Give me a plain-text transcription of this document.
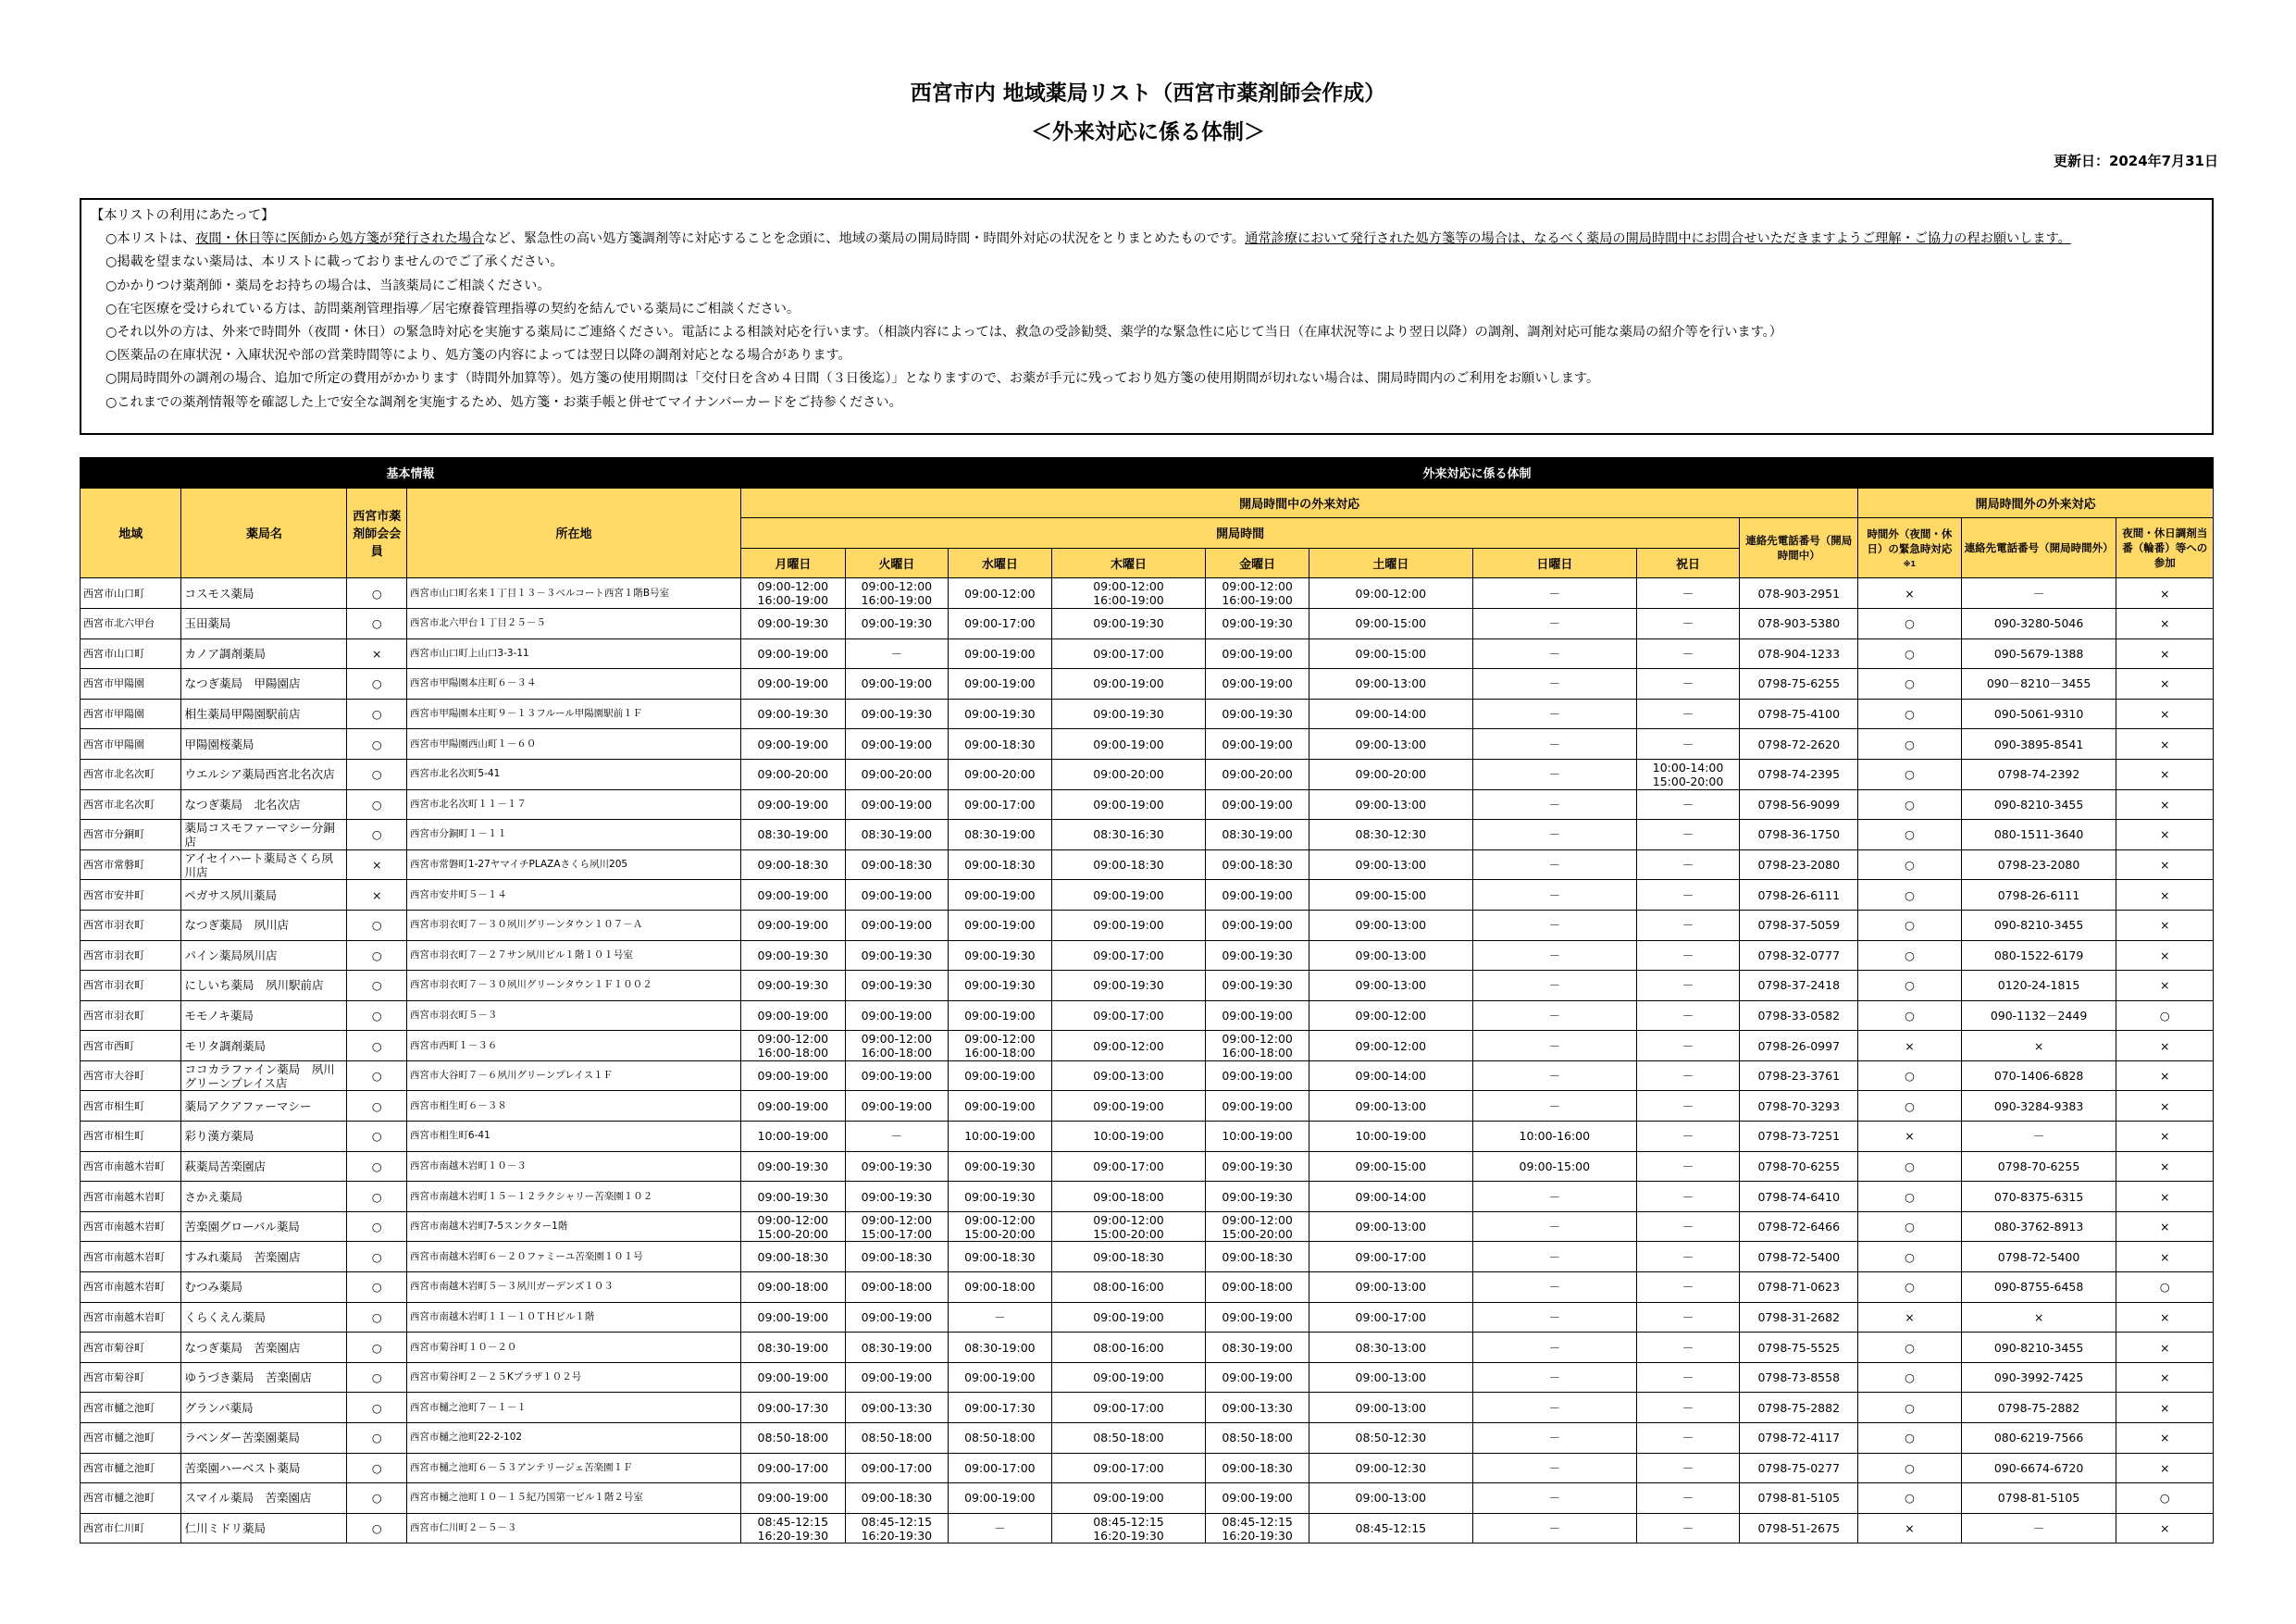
西宮市内 地域薬局リスト（西宮市薬剤師会作成）
＜外来対応に係る体制＞
更新日：2024年7月31日
【本リストの利用にあたって】
○本リストは、夜間・休日等に医師から処方箋が発行された場合など、緊急性の高い処方箋調剤等に対応することを念頭に、地域の薬局の開局時間・時間外対応の状況をとりまとめたものです。通常診療において発行された処方箋等の場合は、なるべく薬局の開局時間中にお問合せいただきますようご理解・ご協力の程お願いします。
○掲載を望まない薬局は、本リストに載っておりませんのでご了承ください。
○かかりつけ薬剤師・薬局をお持ちの場合は、当該薬局にご相談ください。
○在宅医療を受けられている方は、訪問薬剤管理指導／居宅療養管理指導の契約を結んでいる薬局にご相談ください。
○それ以外の方は、外来で時間外（夜間・休日）の緊急時対応を実施する薬局にご連絡ください。電話による相談対応を行います。（相談内容によっては、救急の受診勧奨、薬学的な緊急性に応じて当日（在庫状況等により翌日以降）の調剤、調剤対応可能な薬局の紹介等を行います。）
○医薬品の在庫状況・入庫状況や部の営業時間等により、処方箋の内容によっては翌日以降の調剤対応となる場合があります。
○開局時間外の調剤の場合、追加で所定の費用がかかります（時間外加算等）。処方箋の使用期間は「交付日を含め４日間（３日後迄）」となりますので、お薬が手元に残っており処方箋の使用期間が切れない場合は、開局時間内のご利用をお願いします。
○これまでの薬剤情報等を確認した上で安全な調剤を実施するため、処方箋・お薬手帳と併せてマイナンバーカードをご持参ください。
基本情報				外来対応に係る体制											
地域	薬局名	西宮市薬剤師会会員	所在地	開局時間中の外来対応									開局時間外の外来対応		
				開局時間								連絡先電話番号（開局時間中）	時間外（夜間・休日）の緊急時対応
※1	連絡先電話番号（開局時間外）	夜間・休日調剤当番（輪番）等への参加

				月曜日	火曜日	水曜日	木曜日	金曜日	土曜日	日曜日	祝日				
西宮市山口町	コスモス薬局	○	西宮市山口町名来１丁目１３－３ベルコート西宮１階B号室	09:00-12:00 16:00-19:00	09:00-12:00 16:00-19:00	09:00-12:00	09:00-12:00 16:00-19:00	09:00-12:00 16:00-19:00	09:00-12:00	－	－	078-903-2951	×	－	×
西宮市北六甲台	玉田薬局	○	西宮市北六甲台１丁目２５－５	09:00-19:30	09:00-19:30	09:00-17:00	09:00-19:30	09:00-19:30	09:00-15:00	－	－	078-903-5380	○	090-3280-5046	×
西宮市山口町	カノア調剤薬局	×	西宮市山口町上山口3-3-11	09:00-19:00	－	09:00-19:00	09:00-17:00	09:00-19:00	09:00-15:00	－	－	078-904-1233	○	090-5679-1388	×
西宮市甲陽園	なつぎ薬局　甲陽園店	○	西宮市甲陽園本庄町６－３４	09:00-19:00	09:00-19:00	09:00-19:00	09:00-19:00	09:00-19:00	09:00-13:00	－	－	0798-75-6255	○	090－8210－3455	×
西宮市甲陽園	相生薬局甲陽園駅前店	○	西宮市甲陽園本庄町９－１３フルール甲陽園駅前１Ｆ	09:00-19:30	09:00-19:30	09:00-19:30	09:00-19:30	09:00-19:30	09:00-14:00	－	－	0798-75-4100	○	090-5061-9310	×
西宮市甲陽園	甲陽園桜薬局	○	西宮市甲陽園西山町１－６０	09:00-19:00	09:00-19:00	09:00-18:30	09:00-19:00	09:00-19:00	09:00-13:00	－	－	0798-72-2620	○	090-3895-8541	×
西宮市北名次町	ウエルシア薬局西宮北名次店	○	西宮市北名次町5-41	09:00-20:00	09:00-20:00	09:00-20:00	09:00-20:00	09:00-20:00	09:00-20:00	－	10:00-14:00 15:00-20:00	0798-74-2395	○	0798-74-2392	×
西宮市北名次町	なつぎ薬局　北名次店	○	西宮市北名次町１１－１７	09:00-19:00	09:00-19:00	09:00-17:00	09:00-19:00	09:00-19:00	09:00-13:00	－	－	0798-56-9099	○	090-8210-3455	×
西宮市分銅町	薬局コスモファーマシー分銅店	○	西宮市分銅町１－１１	08:30-19:00	08:30-19:00	08:30-19:00	08:30-16:30	08:30-19:00	08:30-12:30	－	－	0798-36-1750	○	080-1511-3640	×
西宮市常磐町	アイセイハート薬局さくら夙川店	×	西宮市常磐町1-27ヤマイチPLAZAさくら夙川205	09:00-18:30	09:00-18:30	09:00-18:30	09:00-18:30	09:00-18:30	09:00-13:00	－	－	0798-23-2080	○	0798-23-2080	×
西宮市安井町	ペガサス夙川薬局	×	西宮市安井町５－１４	09:00-19:00	09:00-19:00	09:00-19:00	09:00-19:00	09:00-19:00	09:00-15:00	－	－	0798-26-6111	○	0798-26-6111	×
西宮市羽衣町	なつぎ薬局　夙川店	○	西宮市羽衣町７－３０夙川グリーンタウン１０７－Ａ	09:00-19:00	09:00-19:00	09:00-19:00	09:00-19:00	09:00-19:00	09:00-13:00	－	－	0798-37-5059	○	090-8210-3455	×
西宮市羽衣町	パイン薬局夙川店	○	西宮市羽衣町７－２７サン夙川ビル１階１０１号室	09:00-19:30	09:00-19:30	09:00-19:30	09:00-17:00	09:00-19:30	09:00-13:00	－	－	0798-32-0777	○	080-1522-6179	×
西宮市羽衣町	にしいち薬局　夙川駅前店	○	西宮市羽衣町７－３０夙川グリーンタウン１Ｆ１００２	09:00-19:30	09:00-19:30	09:00-19:30	09:00-19:30	09:00-19:30	09:00-13:00	－	－	0798-37-2418	○	0120-24-1815	×
西宮市羽衣町	モモノキ薬局	○	西宮市羽衣町５－３	09:00-19:00	09:00-19:00	09:00-19:00	09:00-17:00	09:00-19:00	09:00-12:00	－	－	0798-33-0582	○	090-1132－2449	○
西宮市西町	モリタ調剤薬局	○	西宮市西町１－３６	09:00-12:00 16:00-18:00	09:00-12:00 16:00-18:00	09:00-12:00 16:00-18:00	09:00-12:00	09:00-12:00 16:00-18:00	09:00-12:00	－	－	0798-26-0997	×	×	×
西宮市大谷町	ココカラファイン薬局　夙川グリーンプレイス店	○	西宮市大谷町７－６夙川グリーンプレイス１Ｆ	09:00-19:00	09:00-19:00	09:00-19:00	09:00-13:00	09:00-19:00	09:00-14:00	－	－	0798-23-3761	○	070-1406-6828	×
西宮市相生町	薬局アクアファーマシー	○	西宮市相生町６－３８	09:00-19:00	09:00-19:00	09:00-19:00	09:00-19:00	09:00-19:00	09:00-13:00	－	－	0798-70-3293	○	090-3284-9383	×
西宮市相生町	彩り漢方薬局	○	西宮市相生町6-41	10:00-19:00	－	10:00-19:00	10:00-19:00	10:00-19:00	10:00-19:00	10:00-16:00	－	0798-73-7251	×	－	×
西宮市南越木岩町	萩薬局苦楽園店	○	西宮市南越木岩町１０－３	09:00-19:30	09:00-19:30	09:00-19:30	09:00-17:00	09:00-19:30	09:00-15:00	09:00-15:00	－	0798-70-6255	○	0798-70-6255	×
西宮市南越木岩町	さかえ薬局	○	西宮市南越木岩町１５－１２ラクシャリー苦楽園１０２	09:00-19:30	09:00-19:30	09:00-19:30	09:00-18:00	09:00-19:30	09:00-14:00	－	－	0798-74-6410	○	070-8375-6315	×
西宮市南越木岩町	苦楽園グローバル薬局	○	西宮市南越木岩町7-5スンクター1階	09:00-12:00 15:00-20:00	09:00-12:00 15:00-17:00	09:00-12:00 15:00-20:00	09:00-12:00 15:00-20:00	09:00-12:00 15:00-20:00	09:00-13:00	－	－	0798-72-6466	○	080-3762-8913	×
西宮市南越木岩町	すみれ薬局　苦楽園店	○	西宮市南越木岩町６－２０ファミーユ苦楽園１０１号	09:00-18:30	09:00-18:30	09:00-18:30	09:00-18:30	09:00-18:30	09:00-17:00	－	－	0798-72-5400	○	0798-72-5400	×
西宮市南越木岩町	むつみ薬局	○	西宮市南越木岩町５－３夙川ガーデンズ１０３	09:00-18:00	09:00-18:00	09:00-18:00	08:00-16:00	09:00-18:00	09:00-13:00	－	－	0798-71-0623	○	090-8755-6458	○
西宮市南越木岩町	くらくえん薬局	○	西宮市南越木岩町１１－１０ＴＨビル１階	09:00-19:00	09:00-19:00	－	09:00-19:00	09:00-19:00	09:00-17:00	－	－	0798-31-2682	×	×	×
西宮市菊谷町	なつぎ薬局　苦楽園店	○	西宮市菊谷町１０－２０	08:30-19:00	08:30-19:00	08:30-19:00	08:00-16:00	08:30-19:00	08:30-13:00	－	－	0798-75-5525	○	090-8210-3455	×
西宮市菊谷町	ゆうづき薬局　苦楽園店	○	西宮市菊谷町２－２５Kプラザ１０２号	09:00-19:00	09:00-19:00	09:00-19:00	09:00-19:00	09:00-19:00	09:00-13:00	－	－	0798-73-8558	○	090-3992-7425	×
西宮市樋之池町	グランパ薬局	○	西宮市樋之池町７－１－１	09:00-17:30	09:00-13:30	09:00-17:30	09:00-17:00	09:00-13:30	09:00-13:00	－	－	0798-75-2882	○	0798-75-2882	×
西宮市樋之池町	ラベンダー苦楽園薬局	○	西宮市樋之池町22-2-102	08:50-18:00	08:50-18:00	08:50-18:00	08:50-18:00	08:50-18:00	08:50-12:30	－	－	0798-72-4117	○	080-6219-7566	×
西宮市樋之池町	苦楽園ハーベスト薬局	○	西宮市樋之池町６－５３アンテリージェ苦楽園１Ｆ	09:00-17:00	09:00-17:00	09:00-17:00	09:00-17:00	09:00-18:30	09:00-12:30	－	－	0798-75-0277	○	090-6674-6720	×
西宮市樋之池町	スマイル薬局　苦楽園店	○	西宮市樋之池町１０－１５紀乃国第一ビル１階２号室	09:00-19:00	09:00-18:30	09:00-19:00	09:00-19:00	09:00-19:00	09:00-13:00	－	－	0798-81-5105	○	0798-81-5105	○
西宮市仁川町	仁川ミドリ薬局	○	西宮市仁川町２－５－３	08:45-12:15 16:20-19:30	08:45-12:15 16:20-19:30	－	08:45-12:15 16:20-19:30	08:45-12:15 16:20-19:30	08:45-12:15	－	－	0798-51-2675	×	－	×
